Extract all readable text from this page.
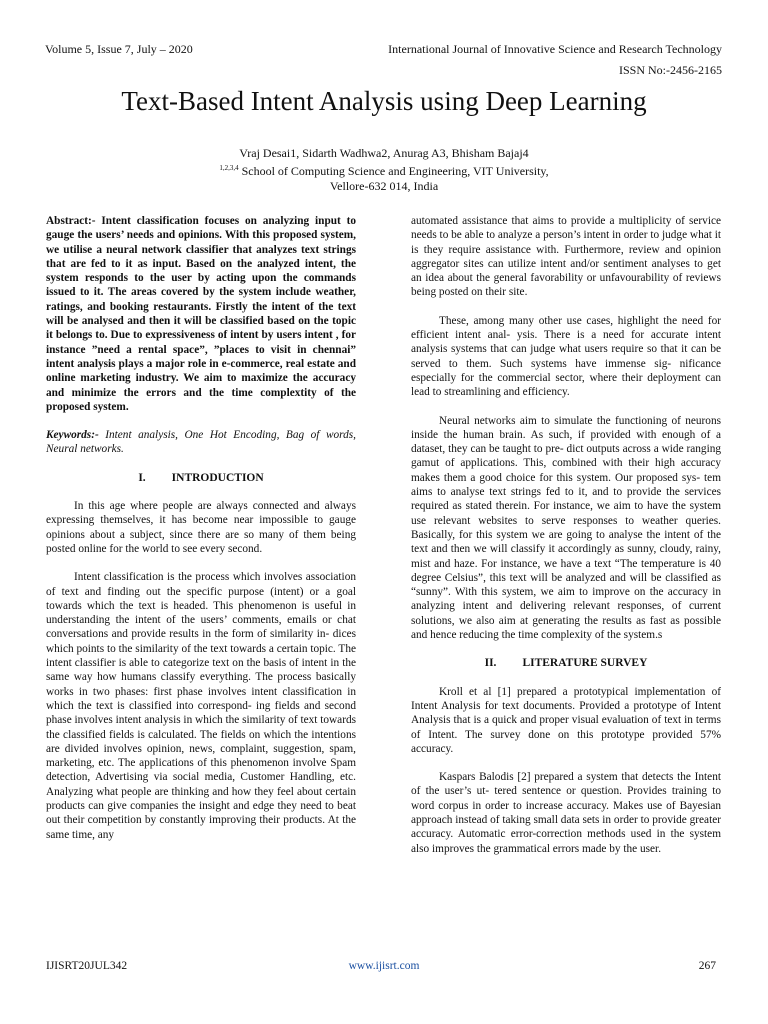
Volume 5, Issue 7, July – 2020	International Journal of Innovative Science and Research Technology
ISSN No:-2456-2165
Text-Based Intent Analysis using Deep Learning
Vraj Desai1, Sidarth Wadhwa2, Anurag A3, Bhisham Bajaj4
$^{1,2,3,4}$ School of Computing Science and Engineering, VIT University,
Vellore-632 014, India

Abstract:- Intent classification focuses on analyzing input to gauge the users’ needs and opinions. With this proposed system, we utilise a neural network classifier that analyzes text strings that are fed to it as input. Based on the analyzed intent, the system responds to the user by acting upon the commands issued to it. The areas covered by the system include weather, ratings, and booking restaurants. Firstly the intent of the text will be analysed and then it will be classified based on the topic it belongs to. Due to expressiveness of intent by users intent , for instance ”need a rental space”, ”places to visit in chennai” intent analysis plays a major role in e-commerce, real estate and online marketing industry. We aim to maximize the accuracy and minimize the errors and the time complextity of the proposed system.

Keywords:- Intent analysis, One Hot Encoding, Bag of words, Neural networks.

I. INTRODUCTION

In this age where people are always connected and always expressing themselves, it has become near impossible to gauge opinions about a subject, since there are so many of them being posted online for the world to see every second.

Intent classification is the process which involves association of text and finding out the specific purpose (intent) or a goal towards which the text is headed. This phenomenon is useful in understanding the intent of the users’ comments, emails or chat conversations and provide results in the form of similarity in- dices which points to the similarity of the text towards a certain topic. The intent classifier is able to categorize text on the basis of intent in the same way how humans classify everything. The process basically works in two phases: first phase involves intent classification in which the text is classified into correspond- ing fields and second phase involves intent analysis in which the similarity of text towards the classified fields is calculated. The fields on which the intentions are divided involves opinion, news, complaint, suggestion, spam, marketing, etc. The applications of this phenomenon involve Spam detection, Advertising via social media, Customer Handling, etc. Analyzing what people are thinking and how they feel about certain products can give companies the insight and edge they need to beat out their competition by constantly improving their products. At the same time, any

automated assistance that aims to provide a multiplicity of service needs to be able to analyze a person’s intent in order to judge what it is they require assistance with. Furthermore, review and opinion aggregator sites can utilize intent and/or sentiment analyses to get an idea about the general favorability or unfavourability of reviews being posted on their site.

These, among many other use cases, highlight the need for efficient intent anal- ysis. There is a need for accurate intent analysis systems that can judge what users require so that it can be served to them. Such systems have immense sig- nificance especially for the commercial sector, where their deployment can lead to streamlining and efficiency.

Neural networks aim to simulate the functioning of neurons inside the human brain. As such, if provided with enough of a dataset, they can be taught to pre- dict outputs across a wide ranging gamut of applications. This, combined with their high accuracy makes them a good choice for this system. Our proposed sys- tem aims to analyse text strings fed to it, and to provide the services required as stated therein. For instance, we aim to have the system use relevant websites to serve responses to weather queries. Basically, for this system we are going to analyse the intent of the text and then we will classify it accordingly as sunny, cloudy, rainy, mist and haze. For instance, we have a text “The temperature is 40 degree Celsius”, this text will be analyzed and will be classified as “sunny”. With this system, we aim to improve on the accuracy in analyzing intent and delivering relevant responses, of current solutions, we also aim at generating the results as fast as possible and hence reducing the time complexity of the system.s

II. LITERATURE SURVEY

Kroll et al [1] prepared a prototypical implementation of Intent Analysis for text documents. Provided a prototype of Intent Analysis that is a quick and proper visual evaluation of text in terms of Intent. The survey done on this prototype provided 57% accuracy.

Kaspars Balodis [2] prepared a system that detects the Intent of the user’s ut- tered sentence or question. Provides training to word corpus in order to increase accuracy. Makes use of Bayesian approach instead of taking small data sets in order to provide greater accuracy. Automatic error-correction methods used in the system also improves the grammatical errors made by the user.

IJISRT20JUL342	www.ijisrt.com	267
